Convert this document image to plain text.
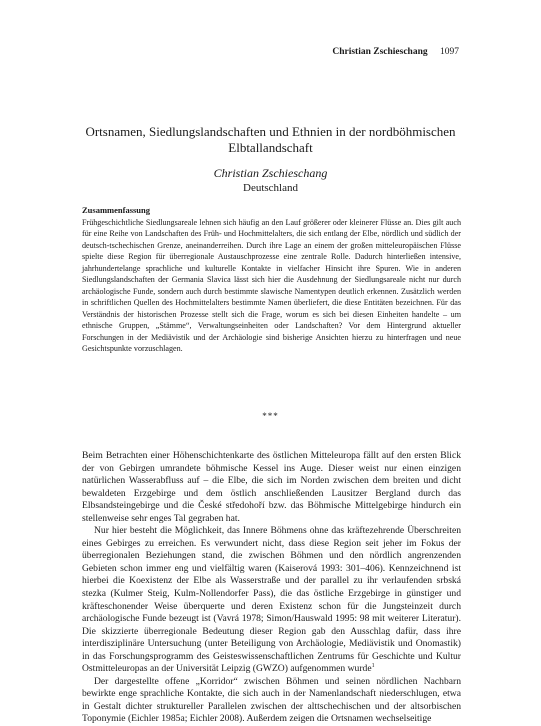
Christian Zschieschang 1097
Ortsnamen, Siedlungslandschaften und Ethnien in der nordböhmischen Elbtallandschaft
Christian Zschieschang
Deutschland
Zusammenfassung

Frühgeschichtliche Siedlungsareale lehnen sich häufig an den Lauf größerer oder kleinerer Flüsse an. Dies gilt auch für eine Reihe von Landschaften des Früh- und Hochmittelalters, die sich entlang der Elbe, nördlich und südlich der deutsch-tschechischen Grenze, aneinanderreihen. Durch ihre Lage an einem der großen mitteleuropäischen Flüsse spielte diese Region für überregionale Austauschprozesse eine zentrale Rolle. Dadurch hinterließen intensive, jahrhundertelange sprachliche und kulturelle Kontakte in vielfacher Hinsicht ihre Spuren. Wie in anderen Siedlungslandschaften der Germania Slavica lässt sich hier die Ausdehnung der Siedlungsareale nicht nur durch archäologische Funde, sondern auch durch bestimmte slawische Namentypen deutlich erkennen. Zusätzlich werden in schriftlichen Quellen des Hochmittelalters bestimmte Namen überliefert, die diese Entitäten bezeichnen. Für das Verständnis der historischen Prozesse stellt sich die Frage, worum es sich bei diesen Einheiten handelte – um ethnische Gruppen, „Stämme“, Verwaltungseinheiten oder Landschaften? Vor dem Hintergrund aktueller Forschungen in der Mediävistik und der Archäologie sind bisherige Ansichten hierzu zu hinterfragen und neue Gesichtspunkte vorzuschlagen.

***

Beim Betrachten einer Höhenschichtenkarte des östlichen Mitteleuropa fällt auf den ersten Blick der von Gebirgen umrandete böhmische Kessel ins Auge. Dieser weist nur einen einzigen natürlichen Wasserabfluss auf – die Elbe, die sich im Norden zwischen dem breiten und dicht bewaldeten Erzgebirge und dem östlich anschließenden Lausitzer Bergland durch das Elbsandsteingebirge und die České středohoří bzw. das Böhmische Mittelgebirge hindurch ein stellenweise sehr enges Tal gegraben hat.

Nur hier besteht die Möglichkeit, das Innere Böhmens ohne das kräftezehrende Überschreiten eines Gebirges zu erreichen. Es verwundert nicht, dass diese Region seit jeher im Fokus der überregionalen Beziehungen stand, die zwischen Böhmen und den nördlich angrenzenden Gebieten schon immer eng und vielfältig waren (Kaiserová 1993: 301–406). Kennzeichnend ist hierbei die Koexistenz der Elbe als Wasserstraße und der parallel zu ihr verlaufenden srbská stezka (Kulmer Steig, Kulm-Nollendorfer Pass), die das östliche Erzgebirge in günstiger und kräfteschonender Weise überquerte und deren Existenz schon für die Jungsteinzeit durch archäologische Funde bezeugt ist (Vavrá 1978; Simon/Hauswald 1995: 98 mit weiterer Literatur). Die skizzierte überregionale Bedeutung dieser Region gab den Ausschlag dafür, dass ihre interdisziplinäre Untersuchung (unter Beteiligung von Archäologie, Mediävistik und Onomastik) in das Forschungsprogramm des Geisteswissenschaftlichen Zentrums für Geschichte und Kultur Ostmitteleuropas an der Universität Leipzig (GWZO) aufgenommen wurde$^1$

Der dargestellte offene „Korridor“ zwischen Böhmen und seinen nördlichen Nachbarn bewirkte enge sprachliche Kontakte, die sich auch in der Namenlandschaft niederschlugen, etwa in Gestalt dichter struktureller Parallelen zwischen der alttschechischen und der altsorbischen Toponymie (Eichler 1985a; Eichler 2008). Außerdem zeigen die Ortsnamen wechselseitige
